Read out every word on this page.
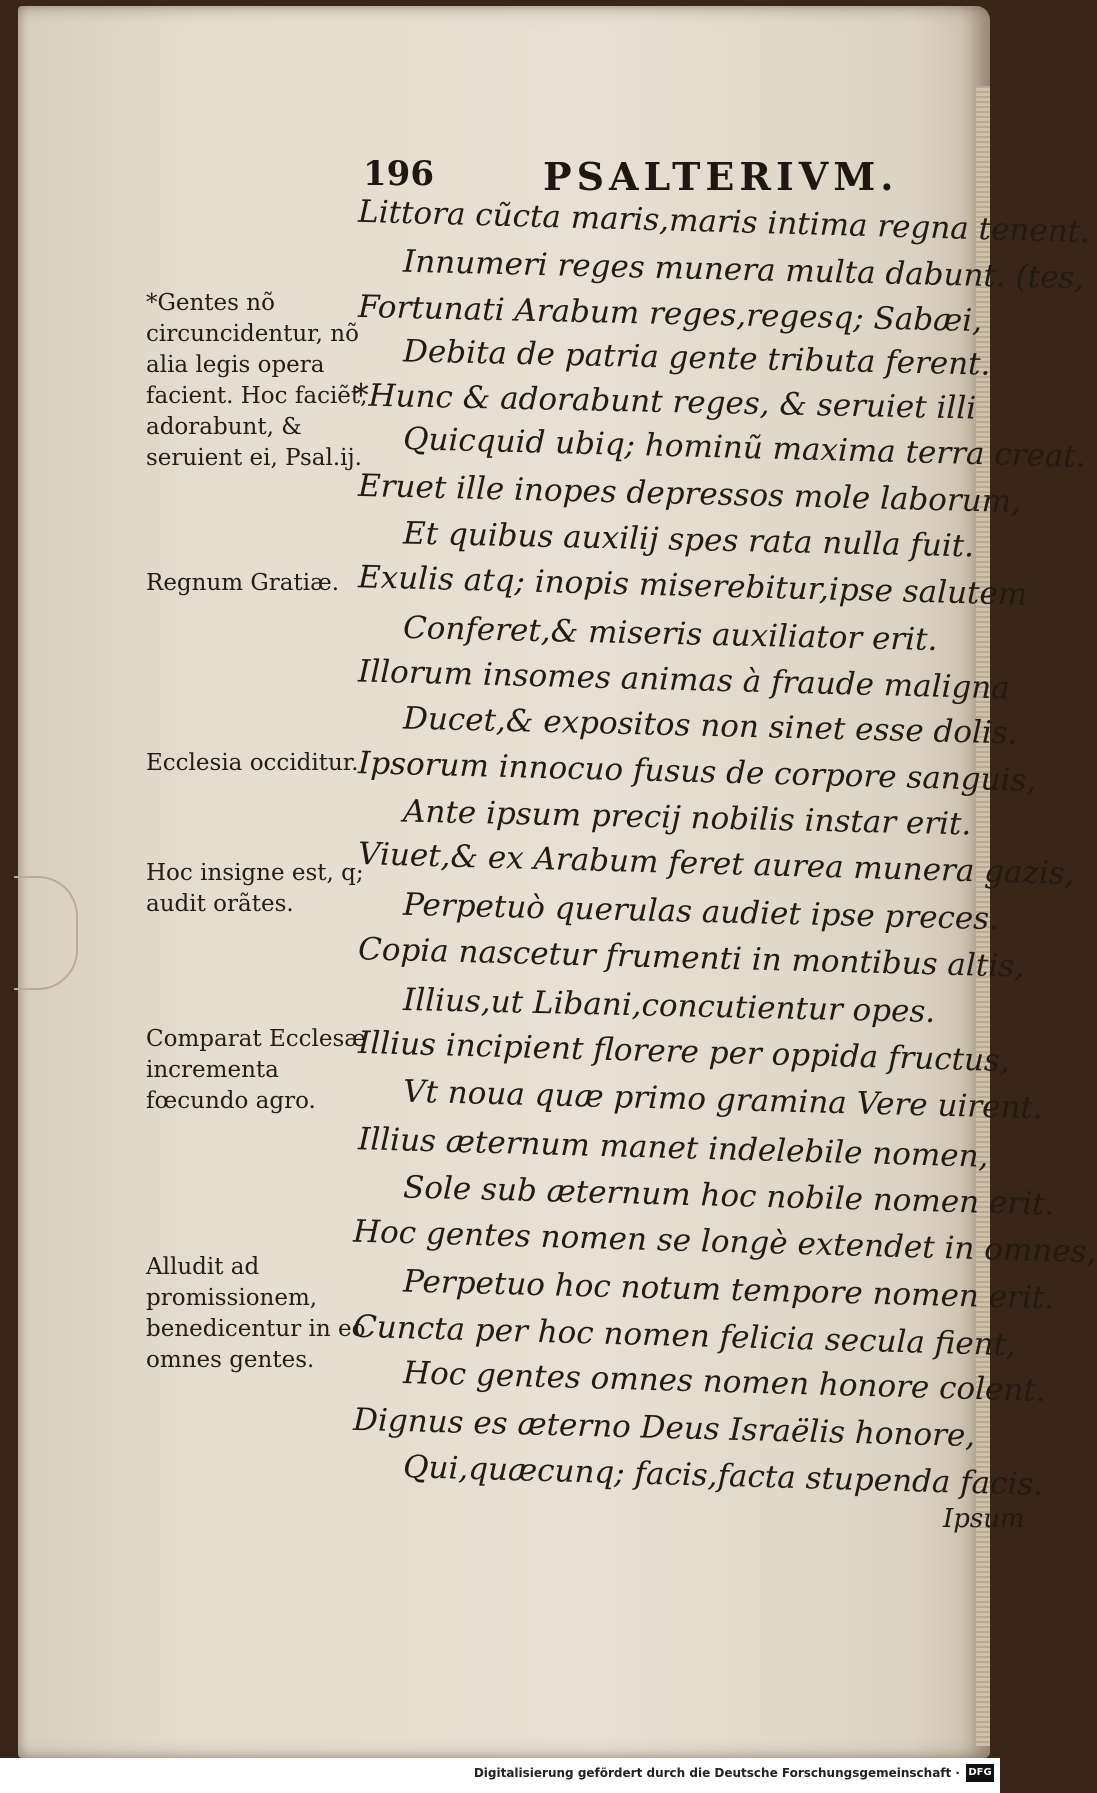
196	PSALTERIVM.
Littora cũcta maris,maris intima regna tenent.
Innumeri reges munera multa dabunt. (tes,
Fortunati Arabum reges,regesq; Sabæi,
Debita de patria gente tributa ferent.
*Hunc & adorabunt reges, & seruiet illi
Quicquid ubiq; hominũ maxima terra creat.
Eruet ille inopes depressos mole laborum,
Et quibus auxilij spes rata nulla fuit.
Exulis atq; inopis miserebitur,ipse salutem
Conferet,& miseris auxiliator erit.
Illorum insomes animas à fraude maligna
Ducet,& expositos non sinet esse dolis.
Ipsorum innocuo fusus de corpore sanguis,
Ante ipsum precij nobilis instar erit.
Viuet,& ex Arabum feret aurea munera gazis,
Perpetuò querulas audiet ipse preces.
Copia nascetur frumenti in montibus altis,
Illius,ut Libani,concutientur opes.
Illius incipient florere per oppida fructus,
Vt noua quæ primo gramina Vere uirent.
Illius æternum manet indelebile nomen,
Sole sub æternum hoc nobile nomen erit.
Hoc gentes nomen se longè extendet in omnes,
Perpetuo hoc notum tempore nomen erit.
Cuncta per hoc nomen felicia secula fient,
Hoc gentes omnes nomen honore colent.
Dignus es æterno Deus Israëlis honore,
Qui,quæcunq; facis,facta stupenda facis.
*Gentes nõ circuncidentur, nõ alia legis opera facient. Hoc faciẽt, adorabunt, & seruient ei, Psal.ij.
Regnum Gratiæ.
Ecclesia occiditur.
Hoc insigne est, q; audit orãtes.
Comparat Ecclesæ incrementa fœcundo agro.
Alludit ad promissionem, benedicentur in eo omnes gentes.
Ipsum
Digitalisierung gefördert durch die Deutsche Forschungsgemeinschaft · DFG
